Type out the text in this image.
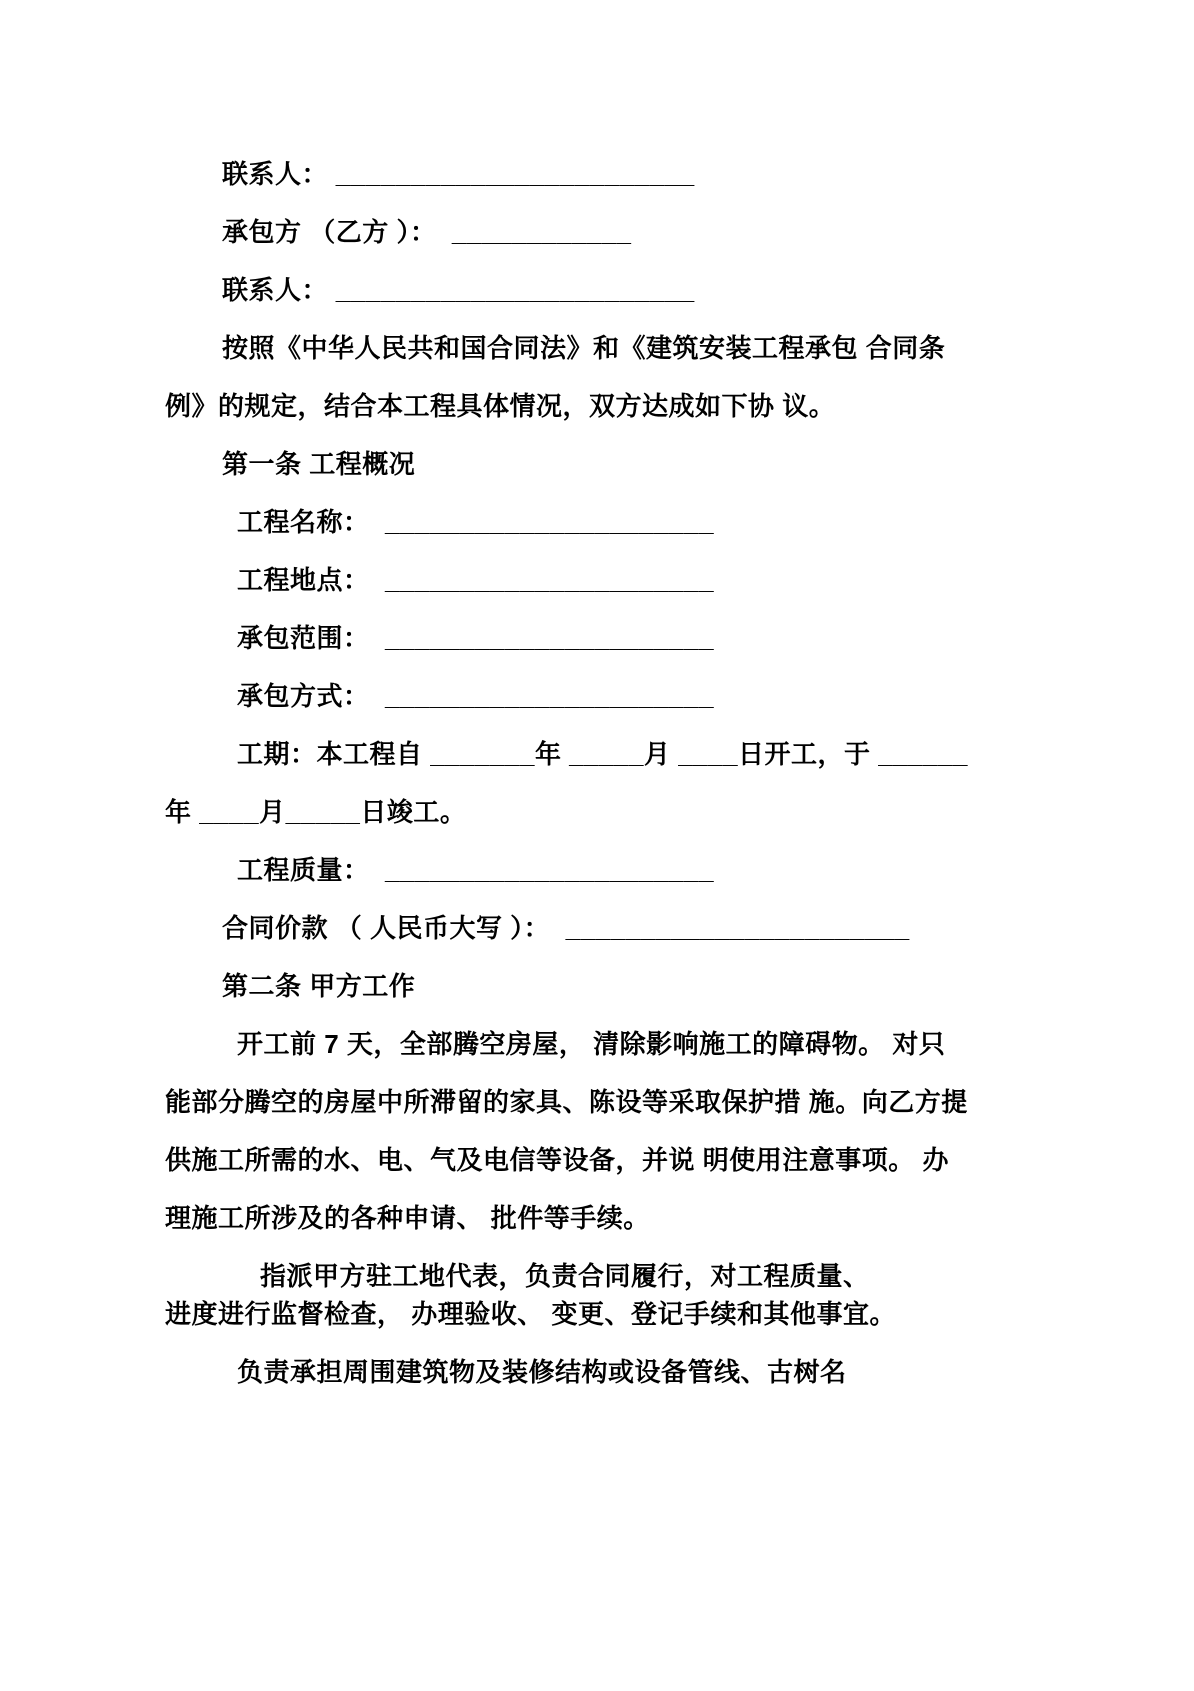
联系人： ________________________
承包方 （乙方 ）：  ____________
联系人： ________________________
按照《中华人民共和国合同法》和《建筑安装工程承包 合同条
例》的规定，结合本工程具体情况，双方达成如下协 议。
第一条 工程概况
工程名称：  ______________________
工程地点：  ______________________
承包范围：  ______________________
承包方式：  ______________________
工期：本工程自 _______年 _____月 ____日开工，于 ______
年 ____月_____日竣工。
工程质量：  ______________________
合同价款 （ 人民币大写 ）：  _______________________
第二条 甲方工作
开工前 7 天，全部腾空房屋， 清除影响施工的障碍物。 对只
能部分腾空的房屋中所滞留的家具、陈设等采取保护措 施。向乙方提
供施工所需的水、电、气及电信等设备，并说 明使用注意事项。 办
理施工所涉及的各种申请、 批件等手续。
指派甲方驻工地代表，负责合同履行，对工程质量、
进度进行监督检查， 办理验收、 变更、登记手续和其他事宜。
负责承担周围建筑物及装修结构或设备管线、古树名
